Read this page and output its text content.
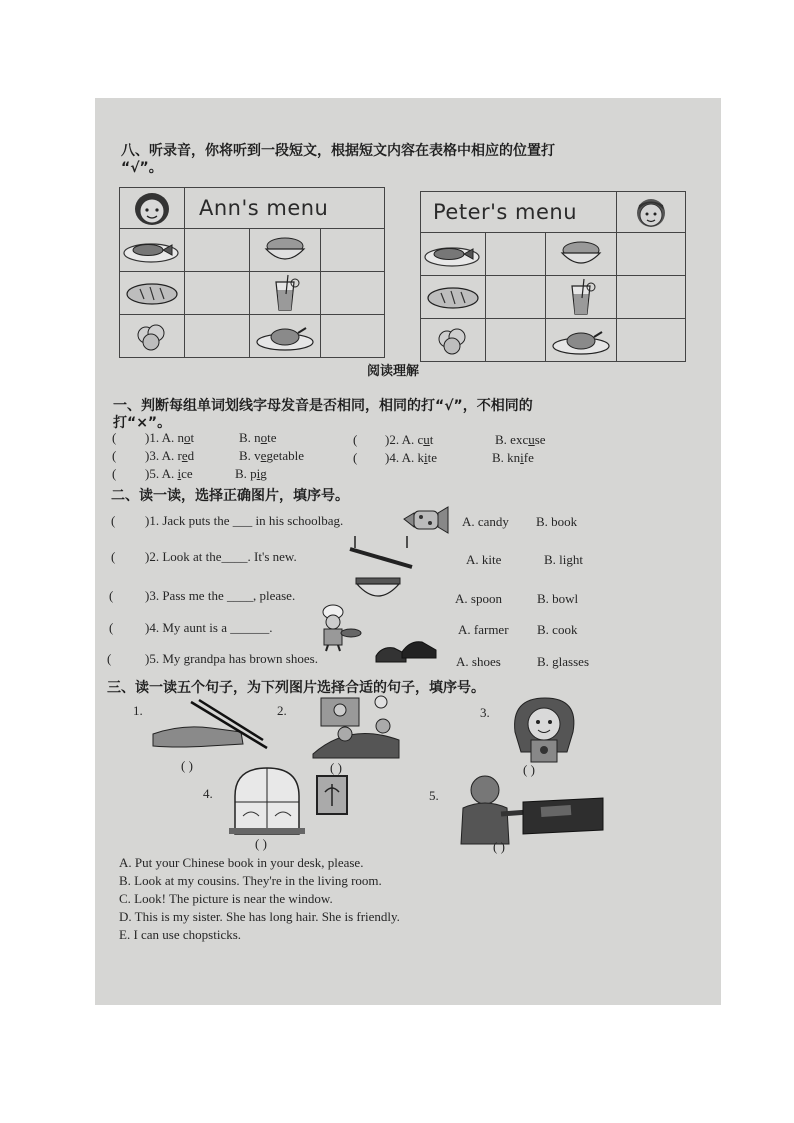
八、听录音，你将听到一段短文，根据短文内容在表格中相应的位置打
“√”。
	Ann's menu		

		Peter's menu	

阅读理解
一、判断每组单词划线字母发音是否相同，相同的打“√”，不相同的
打“×”。
( )1. A. not	B. note	( )2. A. cut	B. excuse
( )3. A. red	B. vegetable	( )4. A. kite	B. knife
( )5. A. ice	B. pig
二、读一读，选择正确图片，填序号。
( )1. Jack puts the ___ in his schoolbag.	A. candy B. book
( )2. Look at the____. It's new.	A. kite	B. light
( )3. Pass me the ____, please.	A. spoon	B. bowl
( )4. My aunt is a ______.	A. farmer B. cook
(	)5. My grandpa has brown shoes.	A. shoes	B. glasses
三、读一读五个句子，为下列图片选择合适的句子，填序号。
1.
( )
2.
( )
3.
( )
4.
( )
5.
( )
A. Put your Chinese book in your desk, please.
B. Look at my cousins. They're in the living room.
C. Look! The picture is near the window.
D. This is my sister. She has long hair. She is friendly.
E. I can use chopsticks.
